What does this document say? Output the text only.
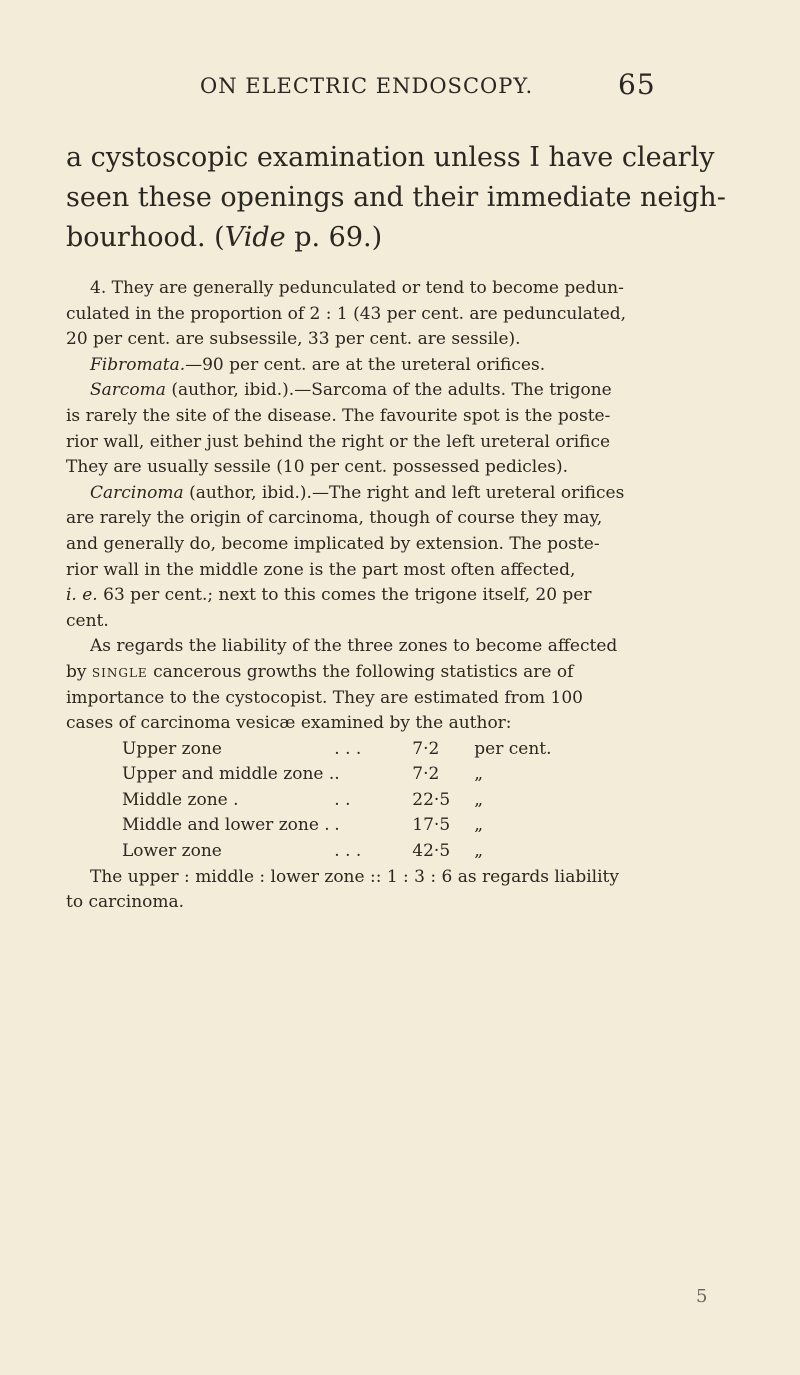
ON ELECTRIC ENDOSCOPY.	65

a cystoscopic examination unless I have clearly

seen these openings and their immediate neigh-

bourhood. (Vide p. 69.)

4. They are generally pedunculated or tend to become pedun-

culated in the proportion of 2 : 1 (43 per cent. are pedunculated,

20 per cent. are subsessile, 33 per cent. are sessile).

Fibromata.—90 per cent. are at the ureteral orifices.

Sarcoma (author, ibid.).—Sarcoma of the adults. The trigone

is rarely the site of the disease. The favourite spot is the poste-

rior wall, either just behind the right or the left ureteral orifice

They are usually sessile (10 per cent. possessed pedicles).

Carcinoma (author, ibid.).—The right and left ureteral orifices

are rarely the origin of carcinoma, though of course they may,

and generally do, become implicated by extension. The poste-

rior wall in the middle zone is the part most often affected,

i. e. 63 per cent.; next to this comes the trigone itself, 20 per

cent.

As regards the liability of the three zones to become affected

by single cancerous growths the following statistics are of

importance to the cystocopist. They are estimated from 100

cases of carcinoma vesicæ examined by the author:

Upper zone	. . .	7·2	per cent.
Upper and middle zone .	.	7·2	„
Middle zone .	. .	22·5	„
Middle and lower zone .	.	17·5	„
Lower zone	. . .	42·5	„

The upper : middle : lower zone :: 1 : 3 : 6 as regards liability

to carcinoma.

5
